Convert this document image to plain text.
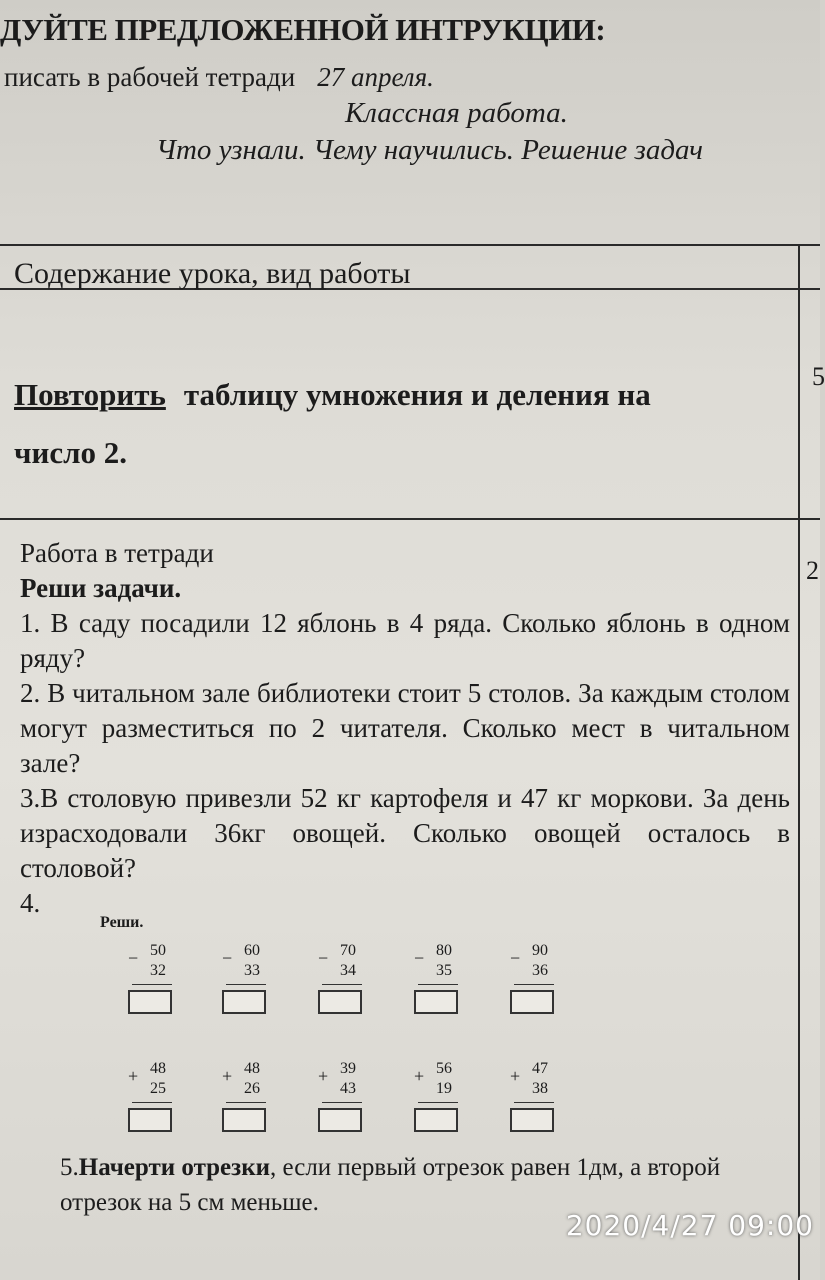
ДУЙТЕ ПРЕДЛОЖЕННОЙ ИНТРУКЦИИ:
писать в рабочей тетради 27 апреля.
Классная работа.
Что узнали. Чему научились. Решение задач
Содержание урока, вид работы
5
2
Повторить таблицу умножения и деления на
число 2.

Работа в тетради

Реши задачи.

1. В саду посадили 12 яблонь в 4 ряда. Сколько яблонь в одном ряду?

2. В читальном зале библиотеки стоит 5 столов. За каждым столом могут разместиться по 2 читателя. Сколько мест в читальном зале?

3.В столовую привезли 52 кг картофеля и 47 кг моркови. За день израсходовали 36кг овощей. Сколько овощей осталось в столовой?

4.

Реши.
− 50
32
− 60
33
− 70
34
− 80
35
− 90
36
+ 48
25
+ 48
26
+ 39
43
+ 56
19
+ 47
38
5.Начерти отрезки, если первый отрезок равен 1дм, а второй отрезок на 5 см меньше.
2020/4/27 09:00
